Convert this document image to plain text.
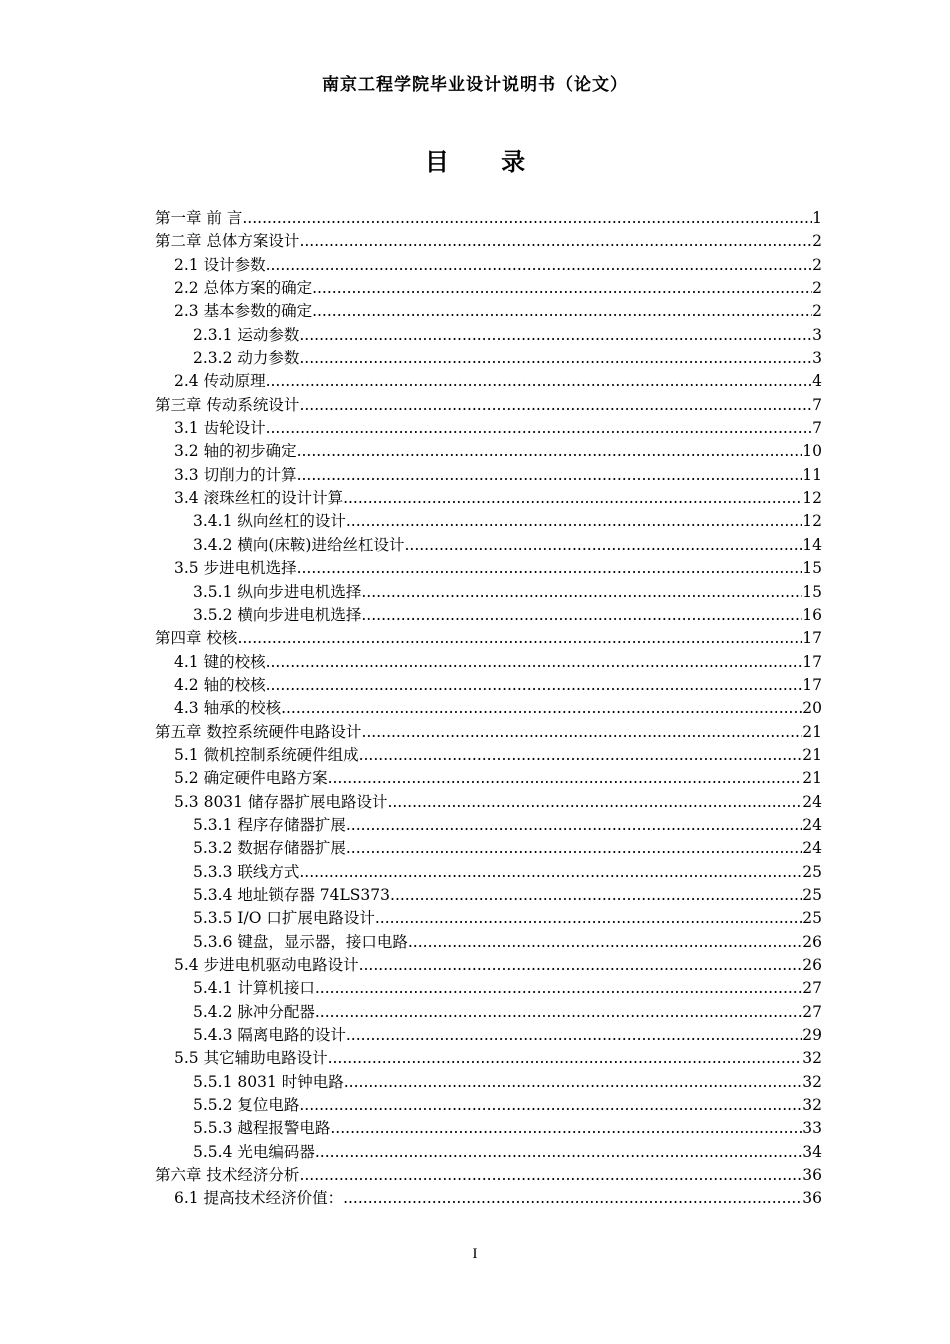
南京工程学院毕业设计说明书（论文）
目 录
第一章 前 言 .....	1
第二章 总体方案设计 .....	2
2.1 设计参数 .....	2
2.2 总体方案的确定 .....	2
2.3 基本参数的确定 .....	2
2.3.1 运动参数 .....	3
2.3.2 动力参数 .....	3
2.4 传动原理 .....	4
第三章 传动系统设计 .....	7
3.1 齿轮设计 .....	7
3.2 轴的初步确定 .....	10
3.3 切削力的计算 .....	11
3.4 滚珠丝杠的设计计算 .....	12
3.4.1 纵向丝杠的设计 .....	12
3.4.2 横向(床鞍)进给丝杠设计 .....	14
3.5 步进电机选择 .....	15
3.5.1 纵向步进电机选择 .....	15
3.5.2 横向步进电机选择 .....	16
第四章 校核 .....	17
4.1 键的校核 .....	17
4.2 轴的校核 .....	17
4.3 轴承的校核 .....	20
第五章 数控系统硬件电路设计 .....	21
5.1 微机控制系统硬件组成 .....	21
5.2 确定硬件电路方案 .....	21
5.3 8031 储存器扩展电路设计 .....	24
5.3.1 程序存储器扩展 .....	24
5.3.2 数据存储器扩展 .....	24
5.3.3 联线方式 .....	25
5.3.4 地址锁存器 74LS373 .....	25
5.3.5 I/O 口扩展电路设计 .....	25
5.3.6 键盘，显示器，接口电路 .....	26
5.4 步进电机驱动电路设计 .....	26
5.4.1 计算机接口 .....	27
5.4.2 脉冲分配器 .....	27
5.4.3 隔离电路的设计 .....	29
5.5 其它辅助电路设计 .....	32
5.5.1 8031 时钟电路 .....	32
5.5.2 复位电路 .....	32
5.5.3 越程报警电路 .....	33
5.5.4 光电编码器 .....	34
第六章 技术经济分析 .....	36
6.1 提高技术经济价值： .....	36
I
